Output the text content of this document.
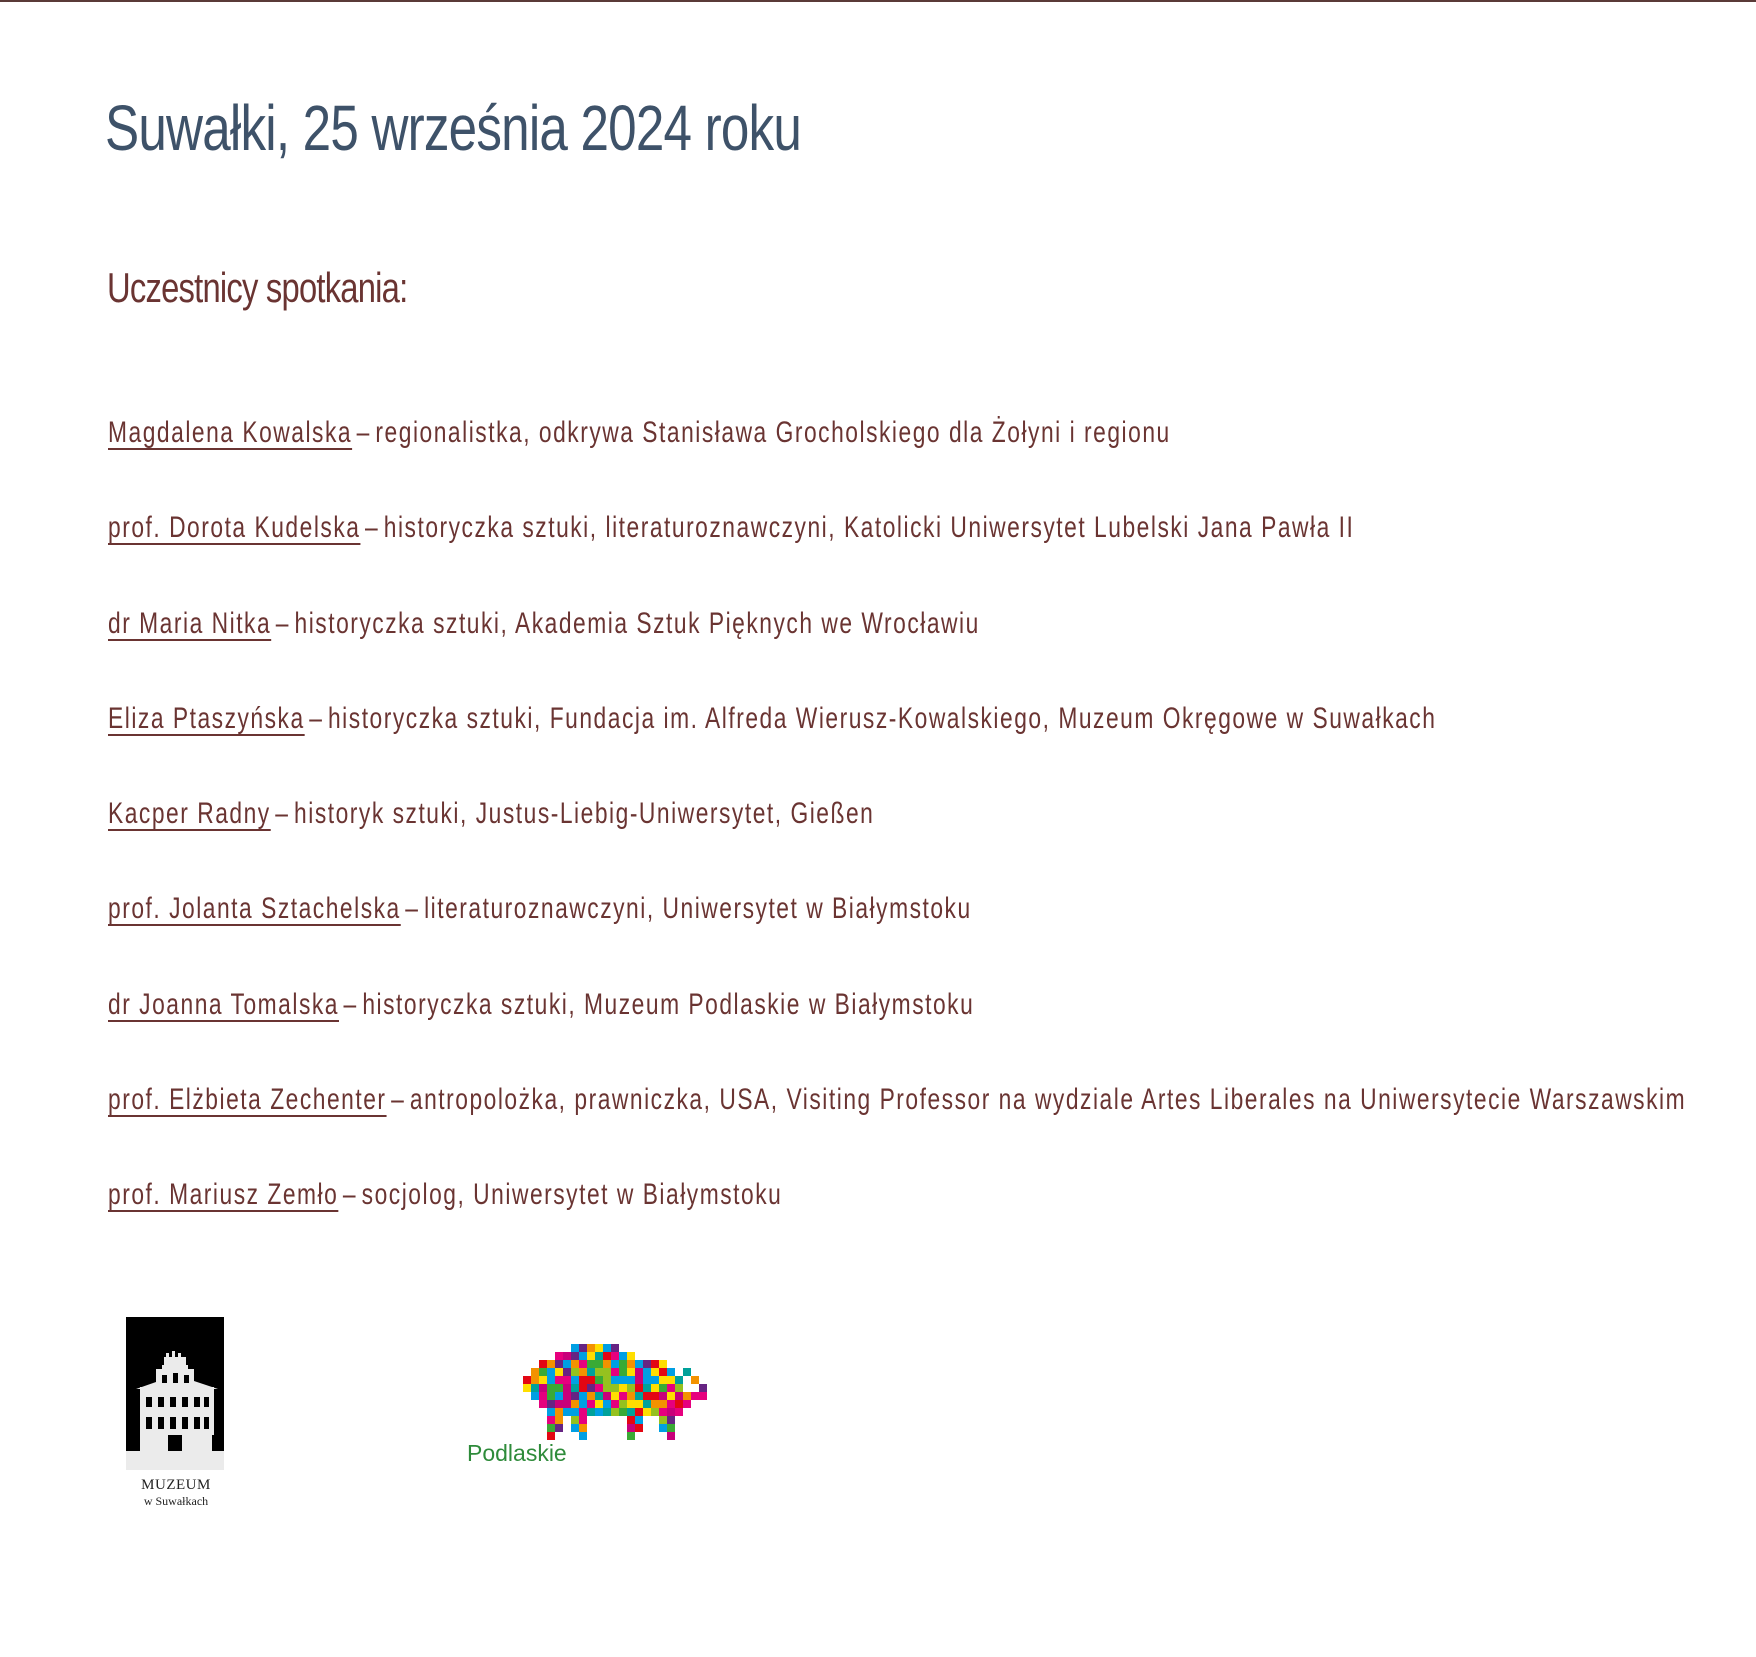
Suwałki, 25 września 2024 roku
Uczestnicy spotkania:
Magdalena Kowalska – regionalistka, odkrywa Stanisława Grocholskiego dla Żołyni i regionu
prof. Dorota Kudelska – historyczka sztuki, literaturoznawczyni, Katolicki Uniwersytet Lubelski Jana Pawła II
dr Maria Nitka – historyczka sztuki, Akademia Sztuk Pięknych we Wrocławiu
Eliza Ptaszyńska – historyczka sztuki, Fundacja im. Alfreda Wierusz-Kowalskiego, Muzeum Okręgowe w Suwałkach
Kacper Radny – historyk sztuki, Justus-Liebig-Uniwersytet, Gießen
prof. Jolanta Sztachelska – literaturoznawczyni, Uniwersytet w Białymstoku
dr Joanna Tomalska – historyczka sztuki, Muzeum Podlaskie w Białymstoku
prof. Elżbieta Zechenter – antropolożka, prawniczka, USA, Visiting Professor na wydziale Artes Liberales na Uniwersytecie Warszawskim
prof. Mariusz Zemło – socjolog, Uniwersytet w Białymstoku
MUZEUM
w Suwałkach
Podlaskie
